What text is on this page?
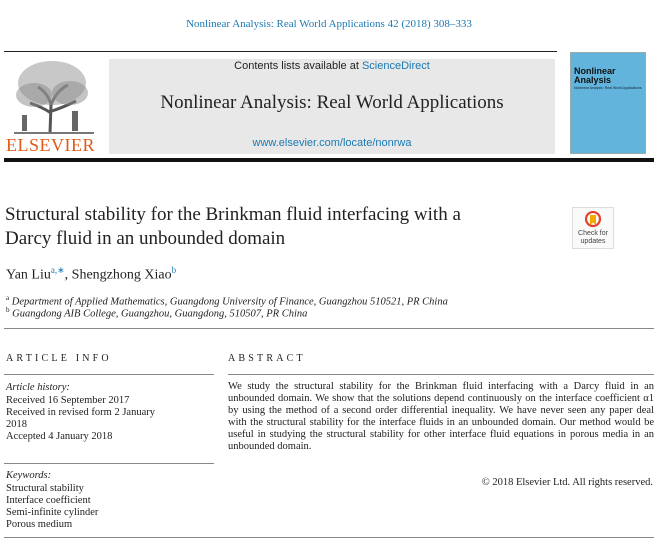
Nonlinear Analysis: Real World Applications 42 (2018) 308–333
ELSEVIER
Contents lists available at ScienceDirect
Nonlinear Analysis: Real World Applications
www.elsevier.com/locate/nonrwa
Nonlinear
Analysis
Nonlinear Analysis: Real World Applications
Structural stability for the Brinkman fluid interfacing with a
Darcy fluid in an unbounded domain	Check for
updates
Yan Liu$^{a,∗}$, Shengzhong Xiao$^b$
$^a$ Department of Applied Mathematics, Guangdong University of Finance, Guangzhou 510521, PR China
$^b$ Guangdong AIB College, Guangzhou, Guangdong, 510507, PR China
ARTICLE INFO	ABSTRACT
Article history:
Received 16 September 2017
Received in revised form 2 January
2018
Accepted 4 January 2018
Keywords:
Structural stability
Interface coefficient
Semi-infinite cylinder
Porous medium
We study the structural stability for the Brinkman fluid interfacing with a Darcy fluid in an unbounded domain. We show that the solutions depend continuously on the interface coefficient α1 by using the method of a second order differential inequality. We have never seen any paper deal with the structural stability for the interface fluids in an unbounded domain. Our method would be useful in studying the structural stability for other interface fluid equations in porous media in an unbounded domain.
© 2018 Elsevier Ltd. All rights reserved.
